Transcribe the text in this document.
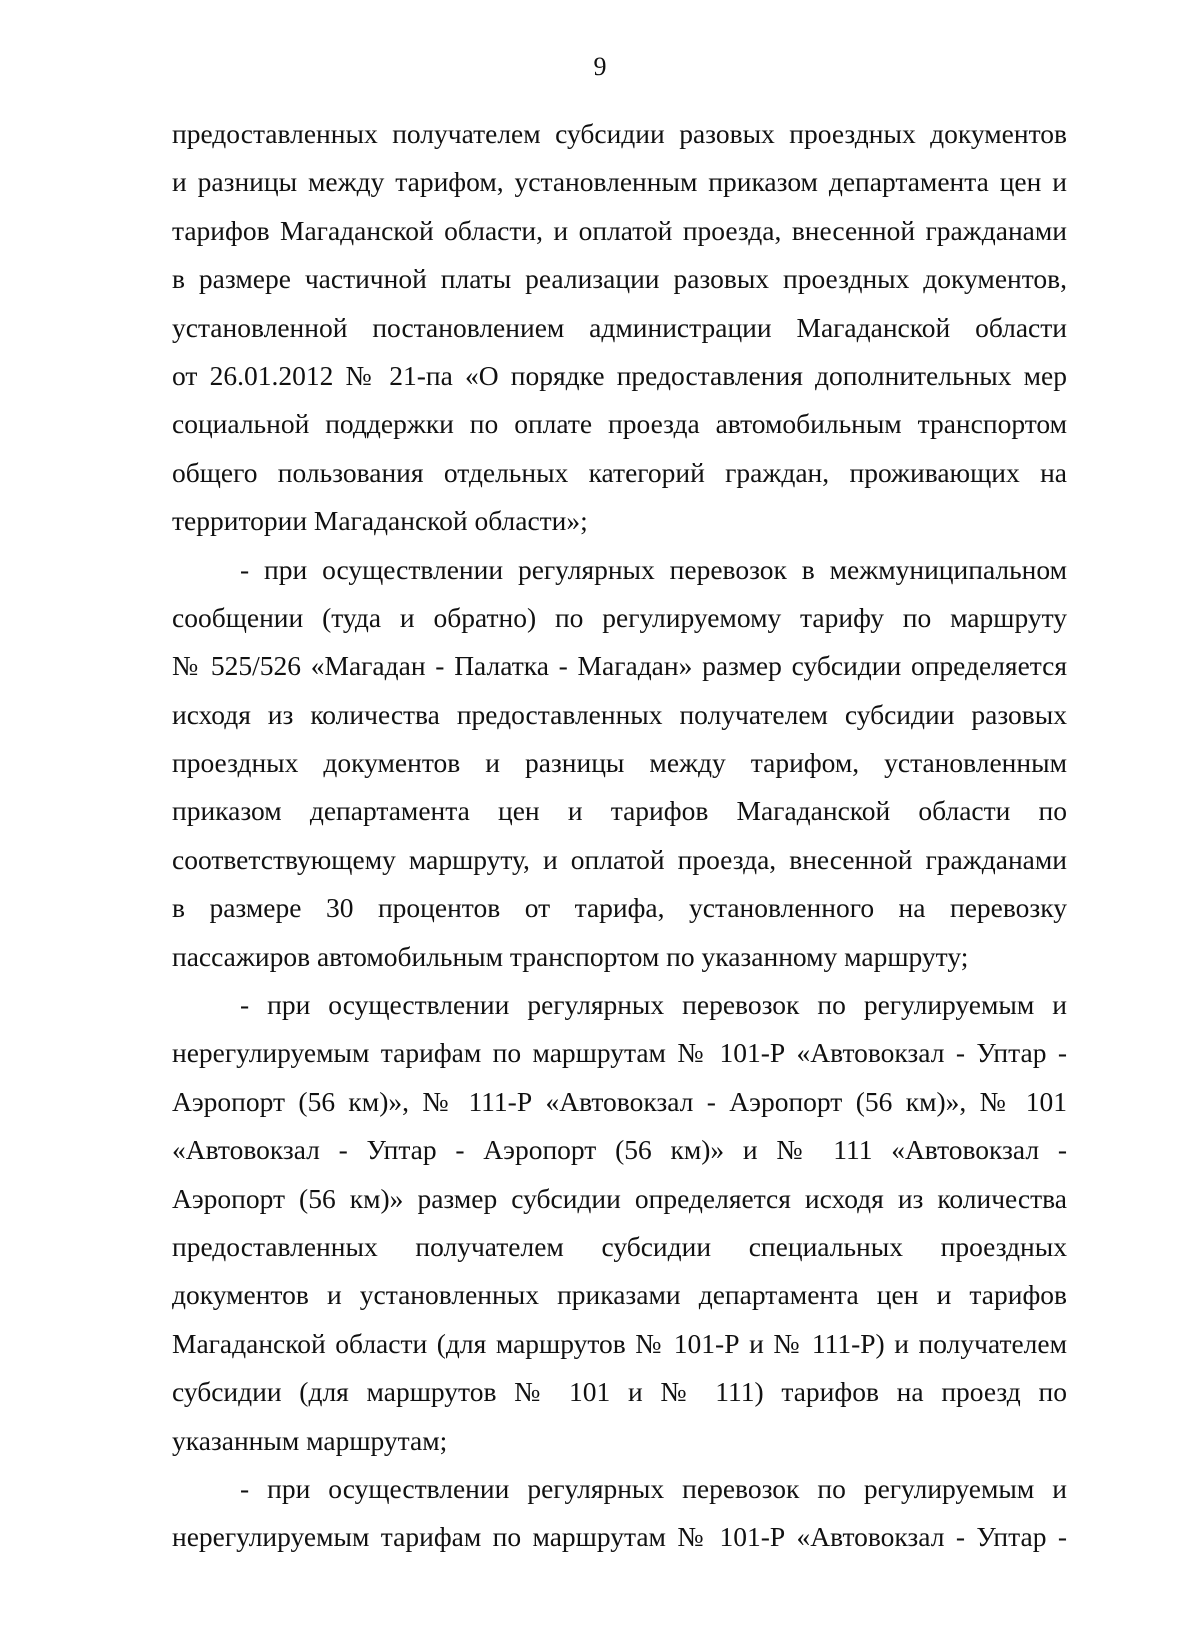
9
предоставленных получателем субсидии разовых проездных документов
и разницы между тарифом, установленным приказом департамента цен и
тарифов Магаданской области, и оплатой проезда, внесенной гражданами
в размере частичной платы реализации разовых проездных документов,
установленной постановлением администрации Магаданской области
от 26.01.2012 № 21-па «О порядке предоставления дополнительных мер
социальной поддержки по оплате проезда автомобильным транспортом
общего пользования отдельных категорий граждан, проживающих на
территории Магаданской области»;
- при осуществлении регулярных перевозок в межмуниципальном
сообщении (туда и обратно) по регулируемому тарифу по маршруту
№ 525/526 «Магадан - Палатка - Магадан» размер субсидии определяется
исходя из количества предоставленных получателем субсидии разовых
проездных документов и разницы между тарифом, установленным
приказом департамента цен и тарифов Магаданской области по
соответствующему маршруту, и оплатой проезда, внесенной гражданами
в размере 30 процентов от тарифа, установленного на перевозку
пассажиров автомобильным транспортом по указанному маршруту;
- при осуществлении регулярных перевозок по регулируемым и
нерегулируемым тарифам по маршрутам № 101-Р «Автовокзал - Уптар -
Аэропорт (56 км)», № 111-Р «Автовокзал - Аэропорт (56 км)», № 101
«Автовокзал - Уптар - Аэропорт (56 км)» и № 111 «Автовокзал -
Аэропорт (56 км)» размер субсидии определяется исходя из количества
предоставленных получателем субсидии специальных проездных
документов и установленных приказами департамента цен и тарифов
Магаданской области (для маршрутов № 101-Р и № 111-Р) и получателем
субсидии (для маршрутов № 101 и № 111) тарифов на проезд по
указанным маршрутам;
- при осуществлении регулярных перевозок по регулируемым и
нерегулируемым тарифам по маршрутам № 101-Р «Автовокзал - Уптар -
